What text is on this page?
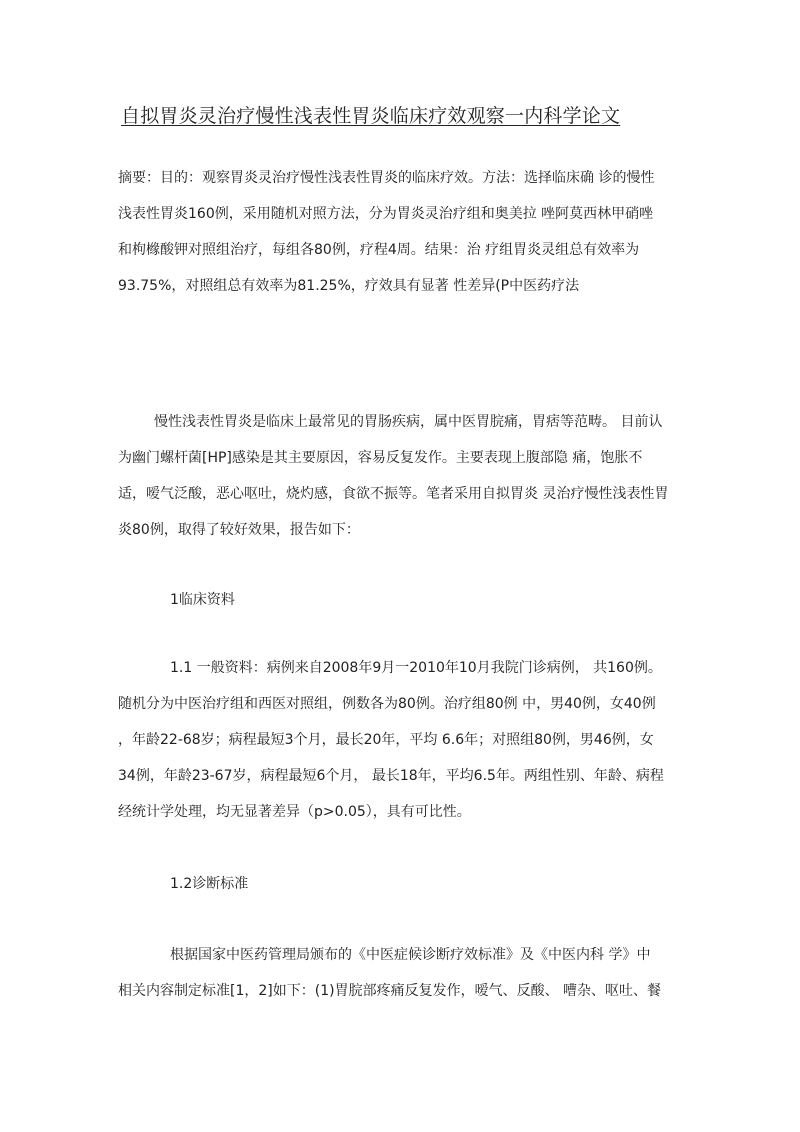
自拟胃炎灵治疗慢性浅表性胃炎临床疗效观察一内科学论文

摘要：目的：观察胃炎灵治疗慢性浅表性胃炎的临床疗效。方法：选择临床确 诊的慢性

浅表性胃炎160例，采用随机对照方法，分为胃炎灵治疗组和奥美拉 唑阿莫西林甲硝唑

和枸橼酸钾对照组治疗，每组各80例，疗程4周。结果：治 疗组胃炎灵组总有效率为

93.75%，对照组总有效率为81.25%，疗效具有显著 性差异(P中医药疗法

慢性浅表性胃炎是临床上最常见的胃肠疾病，属中医胃脘痛，胃痞等范畴。 目前认

为幽门螺杆菌[HP]感染是其主要原因，容易反复发作。主要表现上腹部隐 痛，饱胀不

适，嗳气泛酸，恶心呕吐，烧灼感，食欲不振等。笔者采用自拟胃炎 灵治疗慢性浅表性胃

炎80例，取得了较好效果，报告如下：

1临床资料

1.1 一般资料：病例来自2008年9月一2010年10月我院门诊病例， 共160例。

随机分为中医治疗组和西医对照组，例数各为80例。治疗组80例 中，男40例，女40例

，年龄22-68岁；病程最短3个月，最长20年，平均 6.6年；对照组80例，男46例，女

34例，年龄23-67岁，病程最短6个月， 最长18年，平均6.5年。两组性别、年龄、病程

经统计学处理，均无显著差异（p>0.05），具有可比性。

1.2诊断标准

根据国家中医药管理局颁布的《中医症候诊断疗效标准》及《中医内科 学》中

相关内容制定标准[1，2]如下：(1)胃脘部疼痛反复发作，嗳气、反酸、 嘈杂、呕吐、餐
